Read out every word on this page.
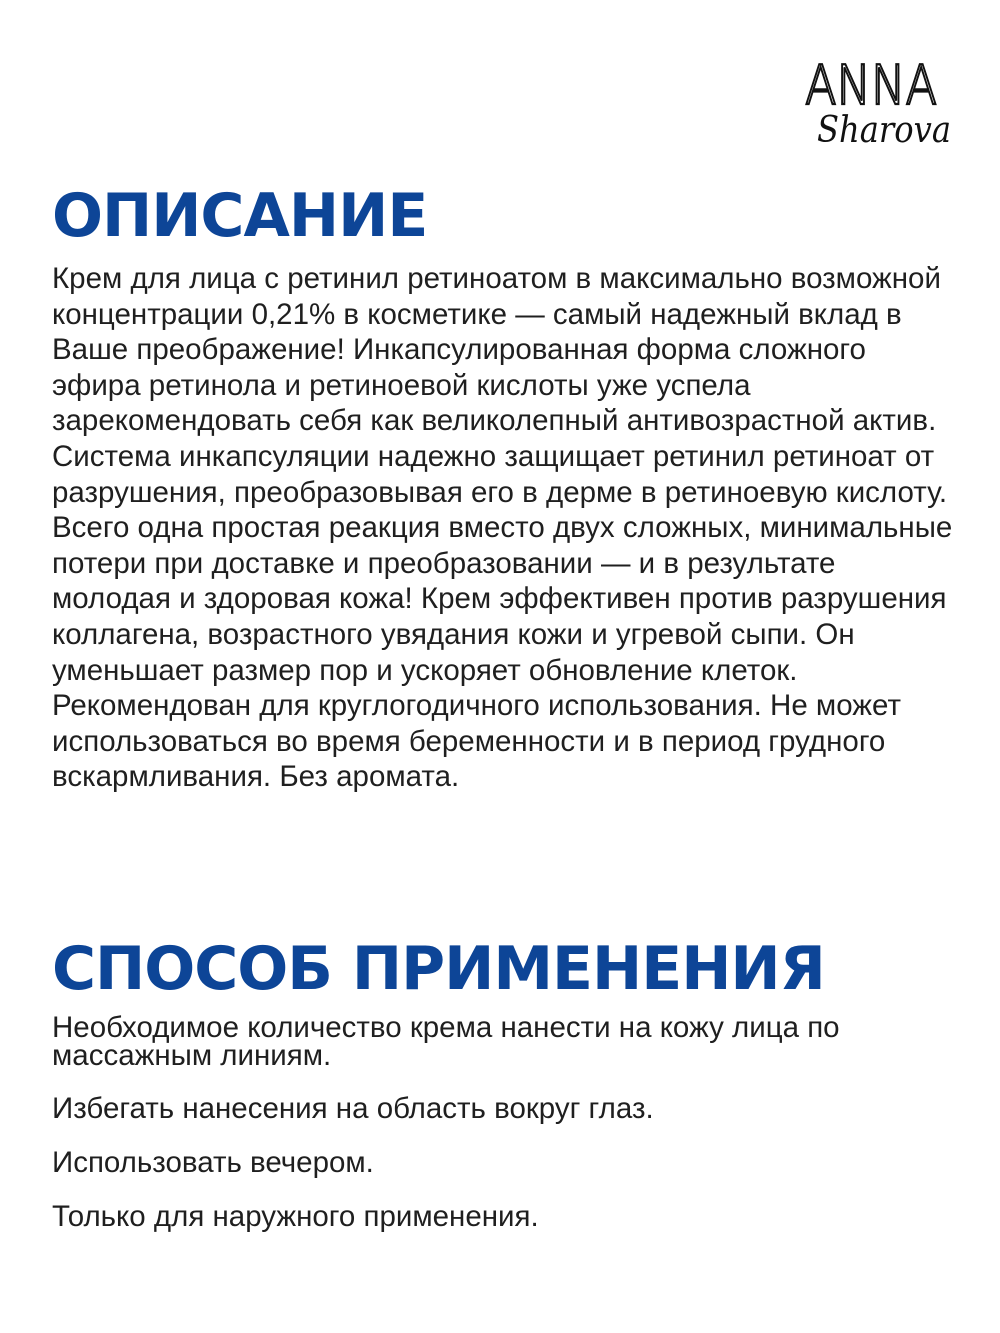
ANNA
Sharova
ОПИСАНИЕ

Крем для лица с ретинил ретиноатом в максимально возможной концентрации 0,21% в косметике — самый надежный вклад в Ваше преображение! Инкапсулированная форма сложного эфира ретинола и ретиноевой кислоты уже успела зарекомендовать себя как великолепный антивозрастной актив. Система инкапсуляции надежно защищает ретинил ретиноат от разрушения, преобразовывая его в дерме в ретиноевую кислоту. Всего одна простая реакция вместо двух сложных, минимальные потери при доставке и преобразовании — и в результате молодая и здоровая кожа! Крем эффективен против разрушения коллагена, возрастного увядания кожи и угревой сыпи. Он уменьшает размер пор и ускоряет обновление клеток. Рекомендован для круглогодичного использования. Не может использоваться во время беременности и в период грудного вскармливания. Без аромата.

СПОСОБ ПРИМЕНЕНИЯ

Необходимое количество крема нанести на кожу лица по массажным линиям.

Избегать нанесения на область вокруг глаз.

Использовать вечером.

Только для наружного применения.
